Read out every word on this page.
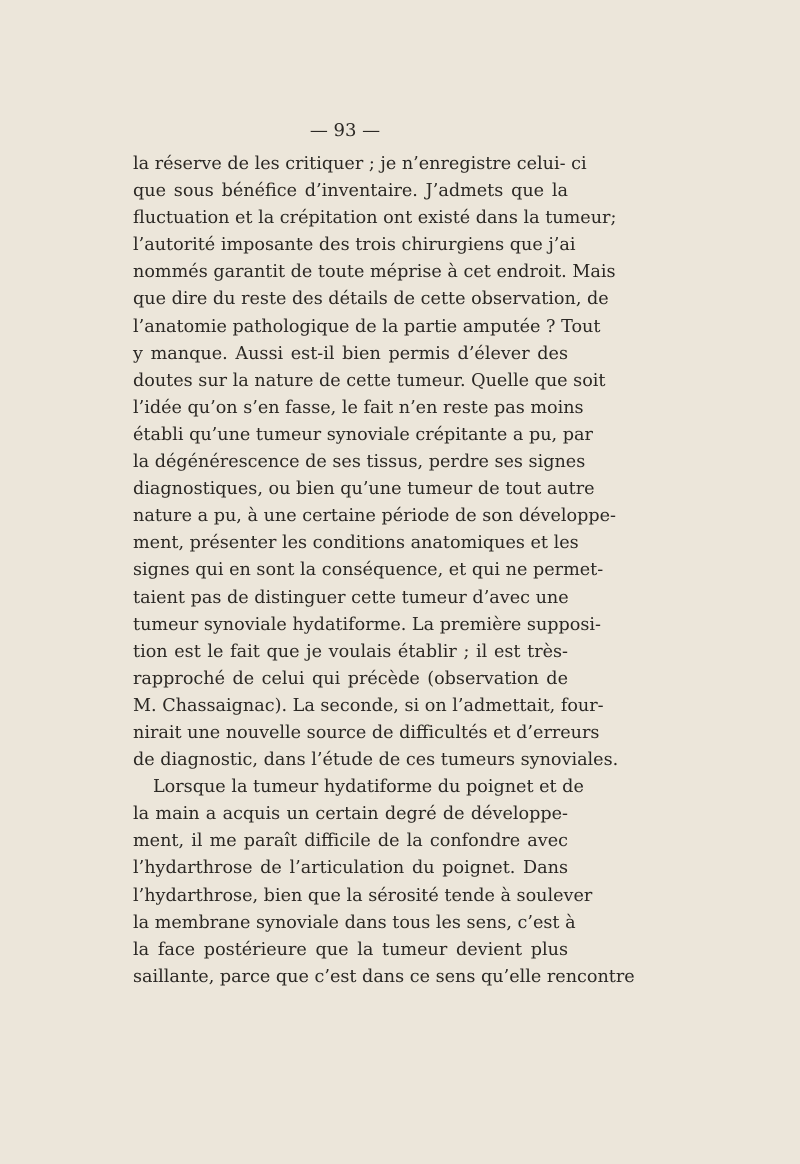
— 93 —
la réserve de les critiquer ; je n’enregistre celui- ci
que sous bénéfice d’inventaire. J’admets que la
fluctuation et la crépitation ont existé dans la tumeur;
l’autorité imposante des trois chirurgiens que j’ai
nommés garantit de toute méprise à cet endroit. Mais
que dire du reste des détails de cette observation, de
l’anatomie pathologique de la partie amputée ? Tout
y manque. Aussi est-il bien permis d’élever des
doutes sur la nature de cette tumeur. Quelle que soit
l’idée qu’on s’en fasse, le fait n’en reste pas moins
établi qu’une tumeur synoviale crépitante a pu, par
la dégénérescence de ses tissus, perdre ses signes
diagnostiques, ou bien qu’une tumeur de tout autre
nature a pu, à une certaine période de son développe-
ment, présenter les conditions anatomiques et les
signes qui en sont la conséquence, et qui ne permet-
taient pas de distinguer cette tumeur d’avec une
tumeur synoviale hydatiforme. La première supposi-
tion est le fait que je voulais établir ; il est très-
rapproché de celui qui précède (observation de
M. Chassaignac). La seconde, si on l’admettait, four-
nirait une nouvelle source de difficultés et d’erreurs
de diagnostic, dans l’étude de ces tumeurs synoviales.
Lorsque la tumeur hydatiforme du poignet et de
la main a acquis un certain degré de développe-
ment, il me paraît difficile de la confondre avec
l’hydarthrose de l’articulation du poignet. Dans
l’hydarthrose, bien que la sérosité tende à soulever
la membrane synoviale dans tous les sens, c’est à
la face postérieure que la tumeur devient plus
saillante, parce que c’est dans ce sens qu’elle rencontre
